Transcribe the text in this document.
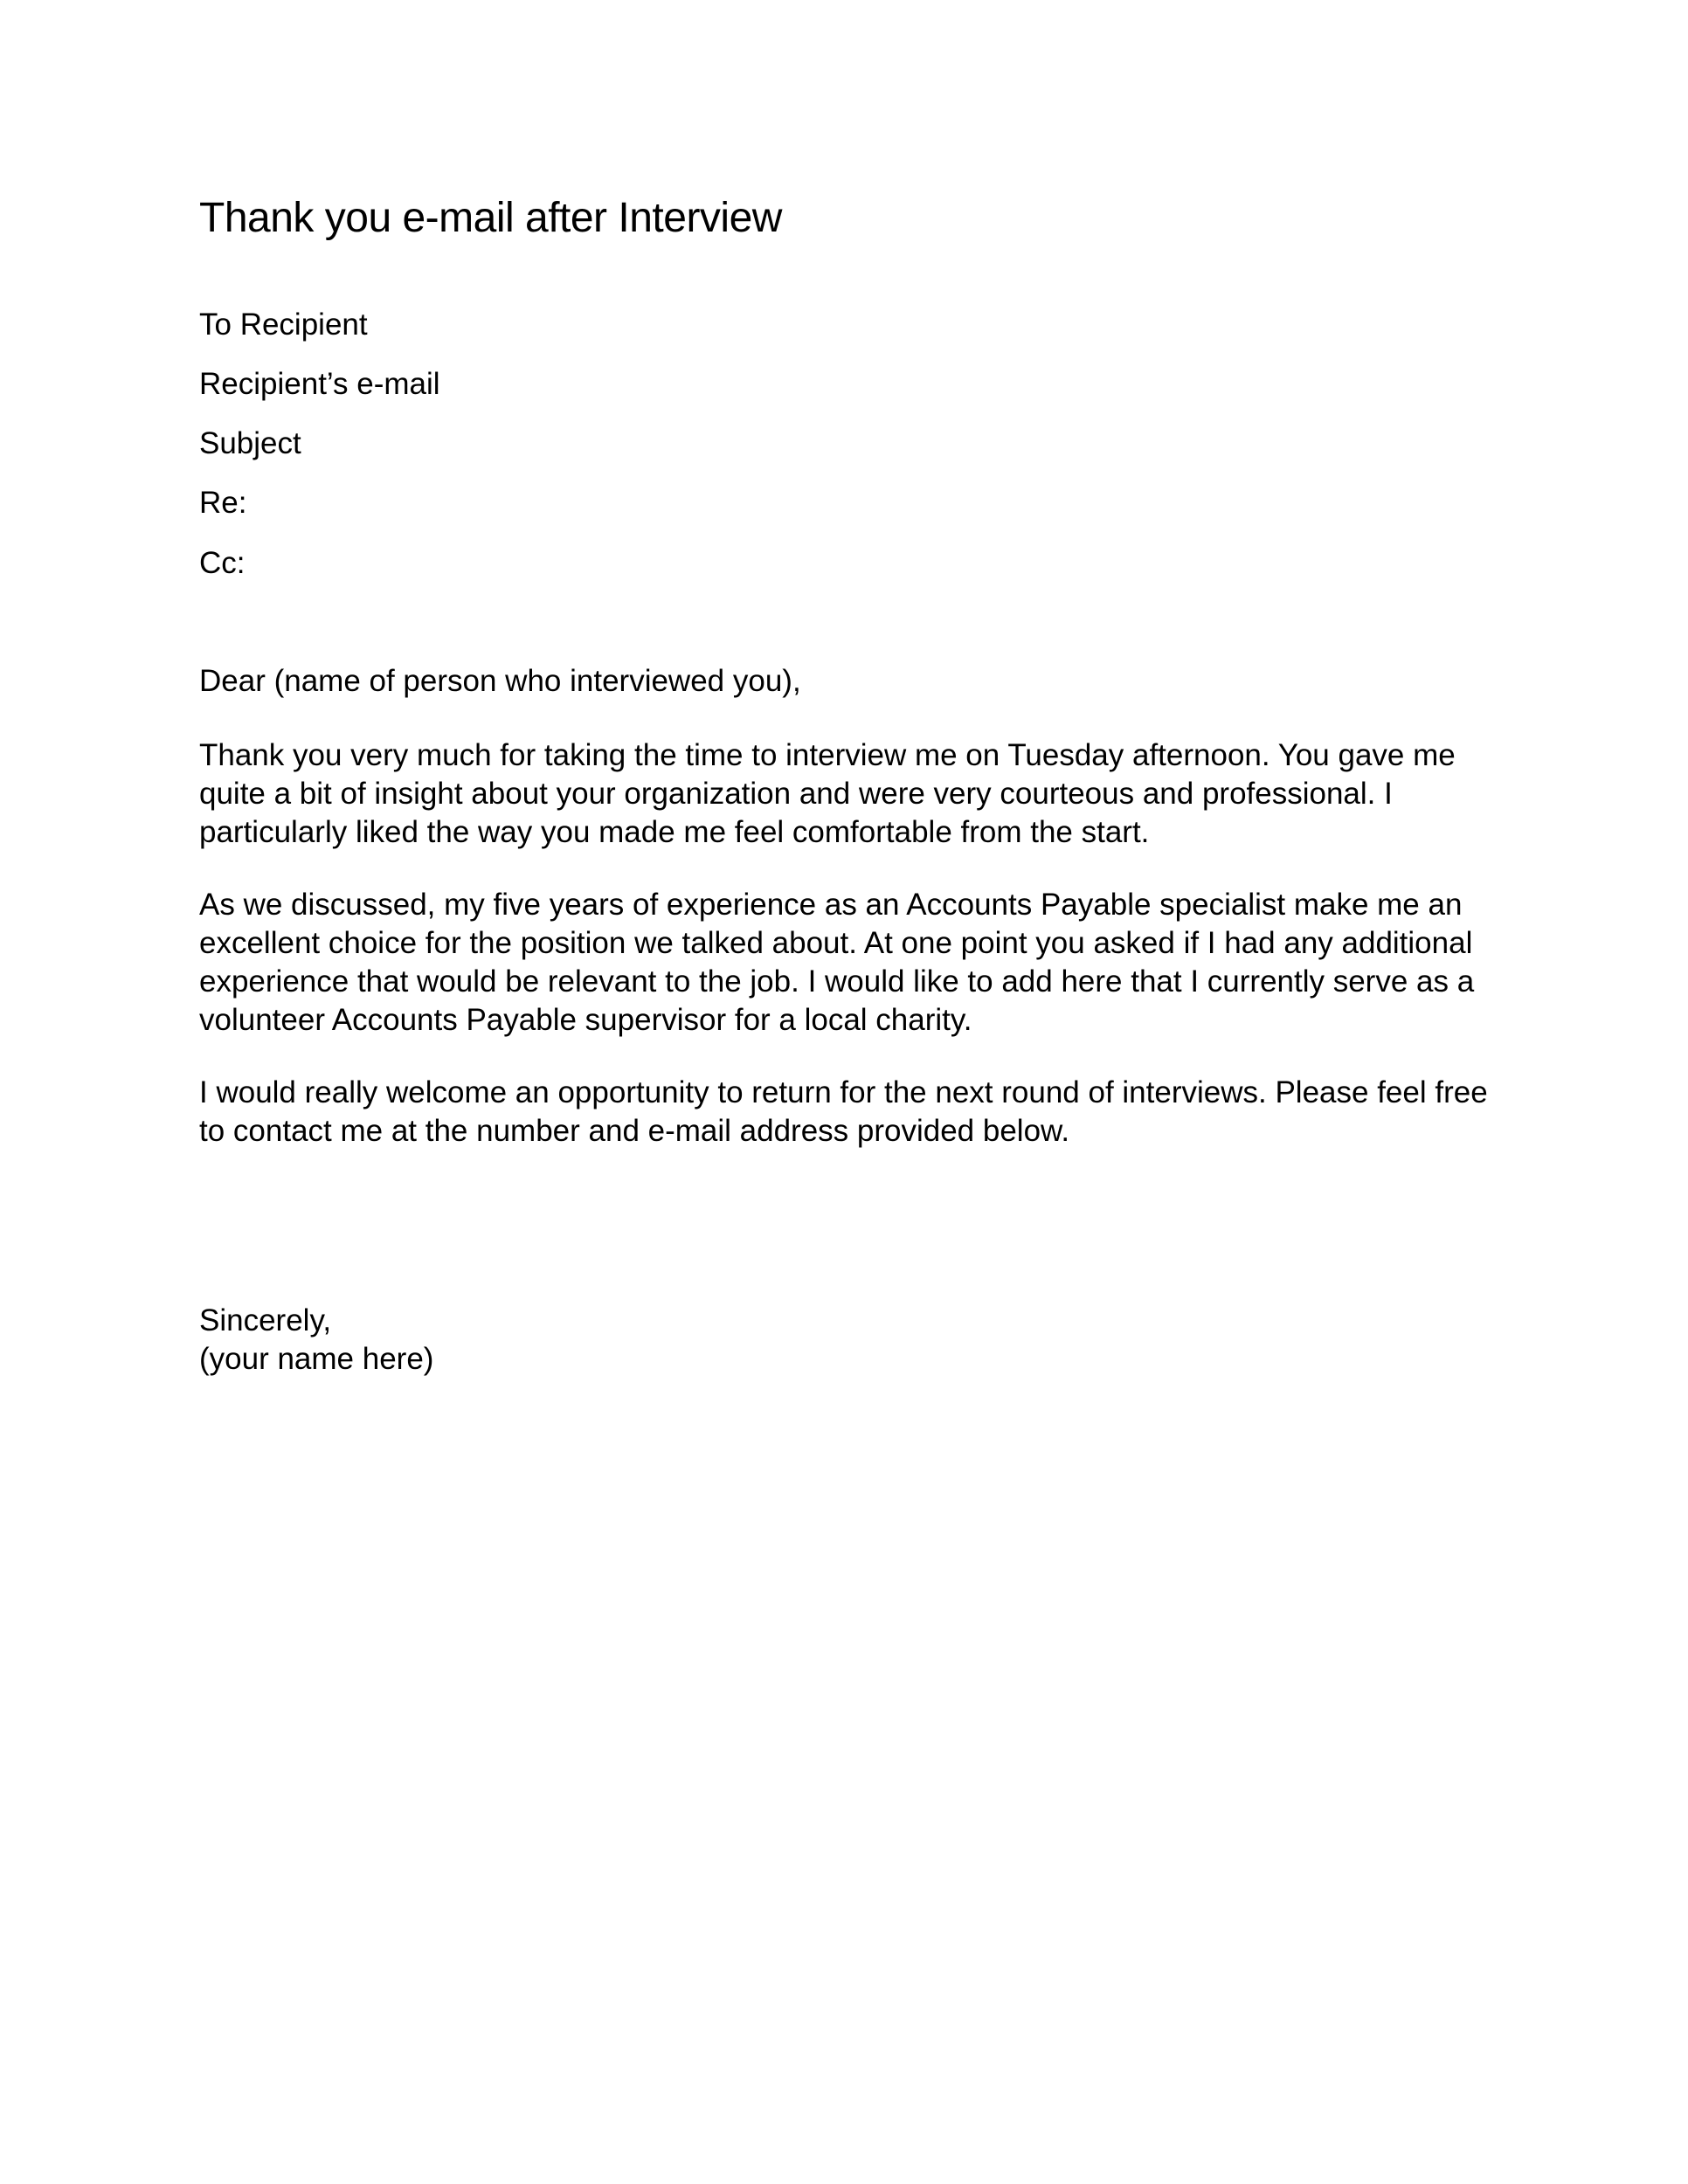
Thank you e-mail after Interview
To Recipient
Recipient’s e-mail
Subject
Re:
Cc:
Dear (name of person who interviewed you),
Thank you very much for taking the time to interview me on Tuesday afternoon. You gave me
quite a bit of insight about your organization and were very courteous and professional. I
particularly liked the way you made me feel comfortable from the start.
As we discussed, my five years of experience as an Accounts Payable specialist make me an
excellent choice for the position we talked about. At one point you asked if I had any additional
experience that would be relevant to the job. I would like to add here that I currently serve as a
volunteer Accounts Payable supervisor for a local charity.
I would really welcome an opportunity to return for the next round of interviews. Please feel free
to contact me at the number and e-mail address provided below.
Sincerely,
(your name here)
